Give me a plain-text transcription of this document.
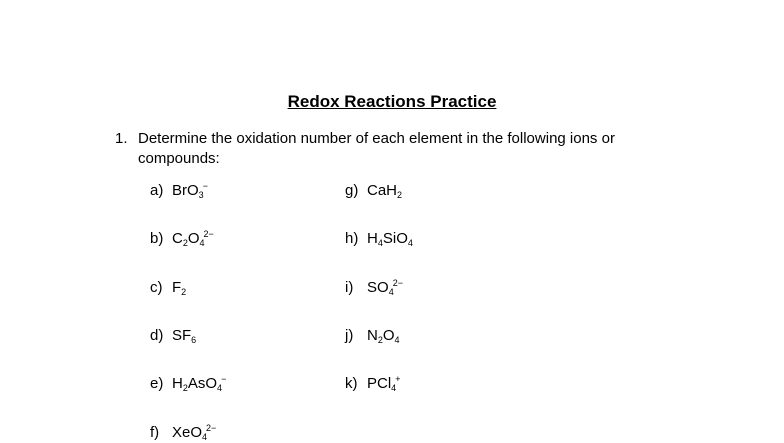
Redox Reactions Practice
1. Determine the oxidation number of each element in the following ions or compounds:
a) BrO$_3$−
b) $C_2O_4^{2-}$
c) $F_2$
d) $SF_6$
e) $H_2AsO_4^-$
f) XeO$_4^{2-}$
g) CaH$_2$
h) $H_4SiO_4$
i) $SO_4^{2-}$
j) $N_2O_4$
k) PCl$_4$+
